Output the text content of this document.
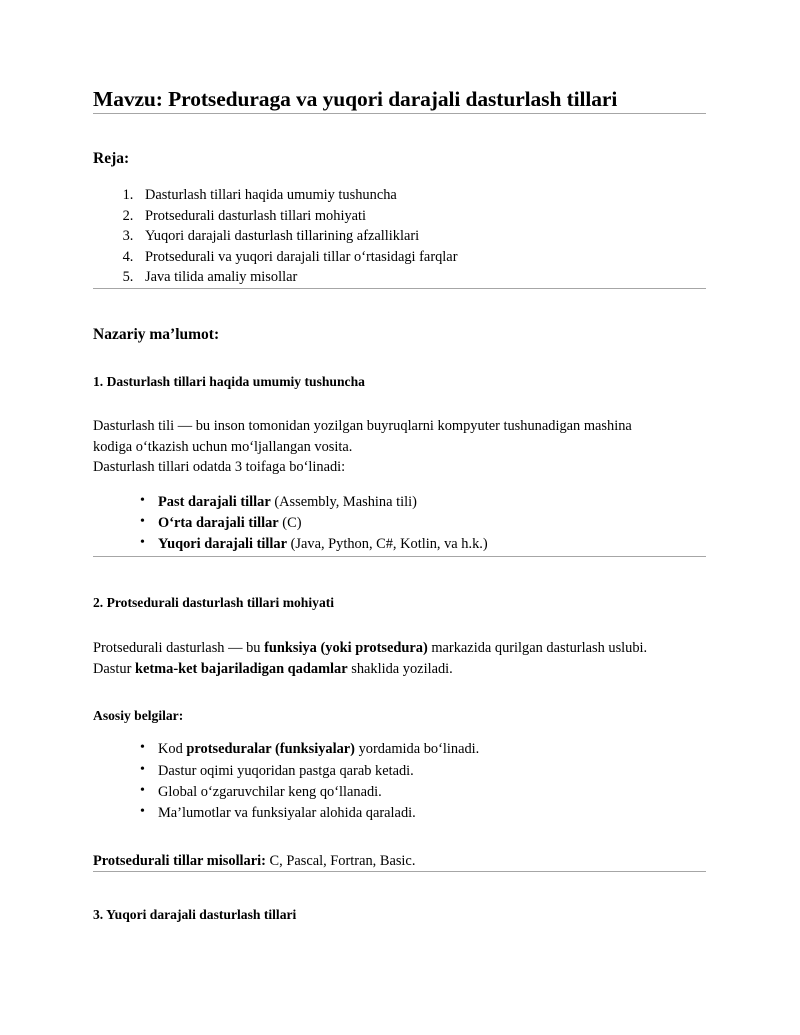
Mavzu: Protseduraga va yuqori darajali dasturlash tillari
Reja:
1. Dasturlash tillari haqida umumiy tushuncha
2. Protsedurali dasturlash tillari mohiyati
3. Yuqori darajali dasturlash tillarining afzalliklari
4. Protsedurali va yuqori darajali tillar oʻrtasidagi farqlar
5. Java tilida amaliy misollar
Nazariy ma’lumot:
1. Dasturlash tillari haqida umumiy tushuncha

Dasturlash tili — bu inson tomonidan yozilgan buyruqlarni kompyuter tushunadigan mashina
kodiga oʻtkazish uchun moʻljallangan vosita.
Dasturlash tillari odatda 3 toifaga boʻlinadi:

• Past darajali tillar (Assembly, Mashina tili)
• Oʻrta darajali tillar (C)
• Yuqori darajali tillar (Java, Python, C#, Kotlin, va h.k.)
2. Protsedurali dasturlash tillari mohiyati

Protsedurali dasturlash — bu funksiya (yoki protsedura) markazida qurilgan dasturlash uslubi.
Dastur ketma-ket bajariladigan qadamlar shaklida yoziladi.

Asosiy belgilar:
• Kod protseduralar (funksiyalar) yordamida boʻlinadi.
• Dastur oqimi yuqoridan pastga qarab ketadi.
• Global oʻzgaruvchilar keng qoʻllanadi.
• Ma’lumotlar va funksiyalar alohida qaraladi.

Protsedurali tillar misollari: C, Pascal, Fortran, Basic.

3. Yuqori darajali dasturlash tillari
